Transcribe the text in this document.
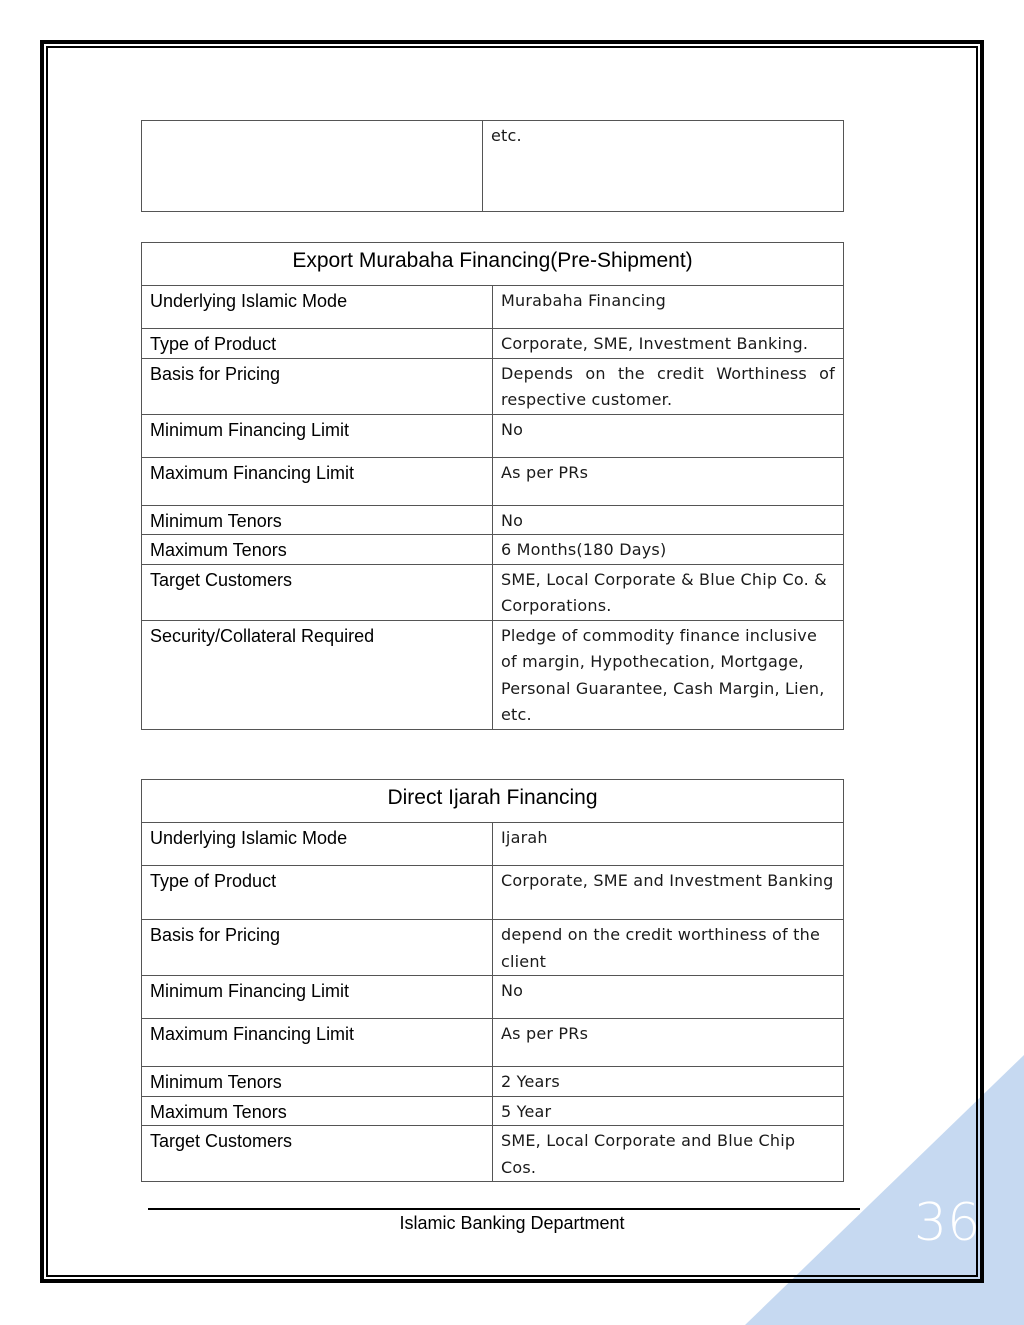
	etc.
Export Murabaha Financing(Pre-Shipment)	
Underlying Islamic Mode	Murabaha Financing
Type of Product	Corporate, SME, Investment Banking.
Basis for Pricing	Depends on the credit Worthiness of respective customer.
Minimum Financing Limit	No
Maximum Financing Limit	As per PRs
Minimum Tenors	No
Maximum Tenors	6 Months(180 Days)
Target Customers	SME, Local Corporate & Blue Chip Co. & Corporations.
Security/Collateral Required	Pledge of commodity finance inclusive of margin, Hypothecation, Mortgage, Personal Guarantee, Cash Margin, Lien, etc.
Direct Ijarah Financing	
Underlying Islamic Mode	Ijarah
Type of Product	Corporate, SME and Investment Banking
Basis for Pricing	depend on the credit worthiness of the client
Minimum Financing Limit	No
Maximum Financing Limit	As per PRs
Minimum Tenors	2 Years
Maximum Tenors	5 Year
Target Customers	SME, Local Corporate and Blue Chip Cos.
Islamic Banking Department	36
